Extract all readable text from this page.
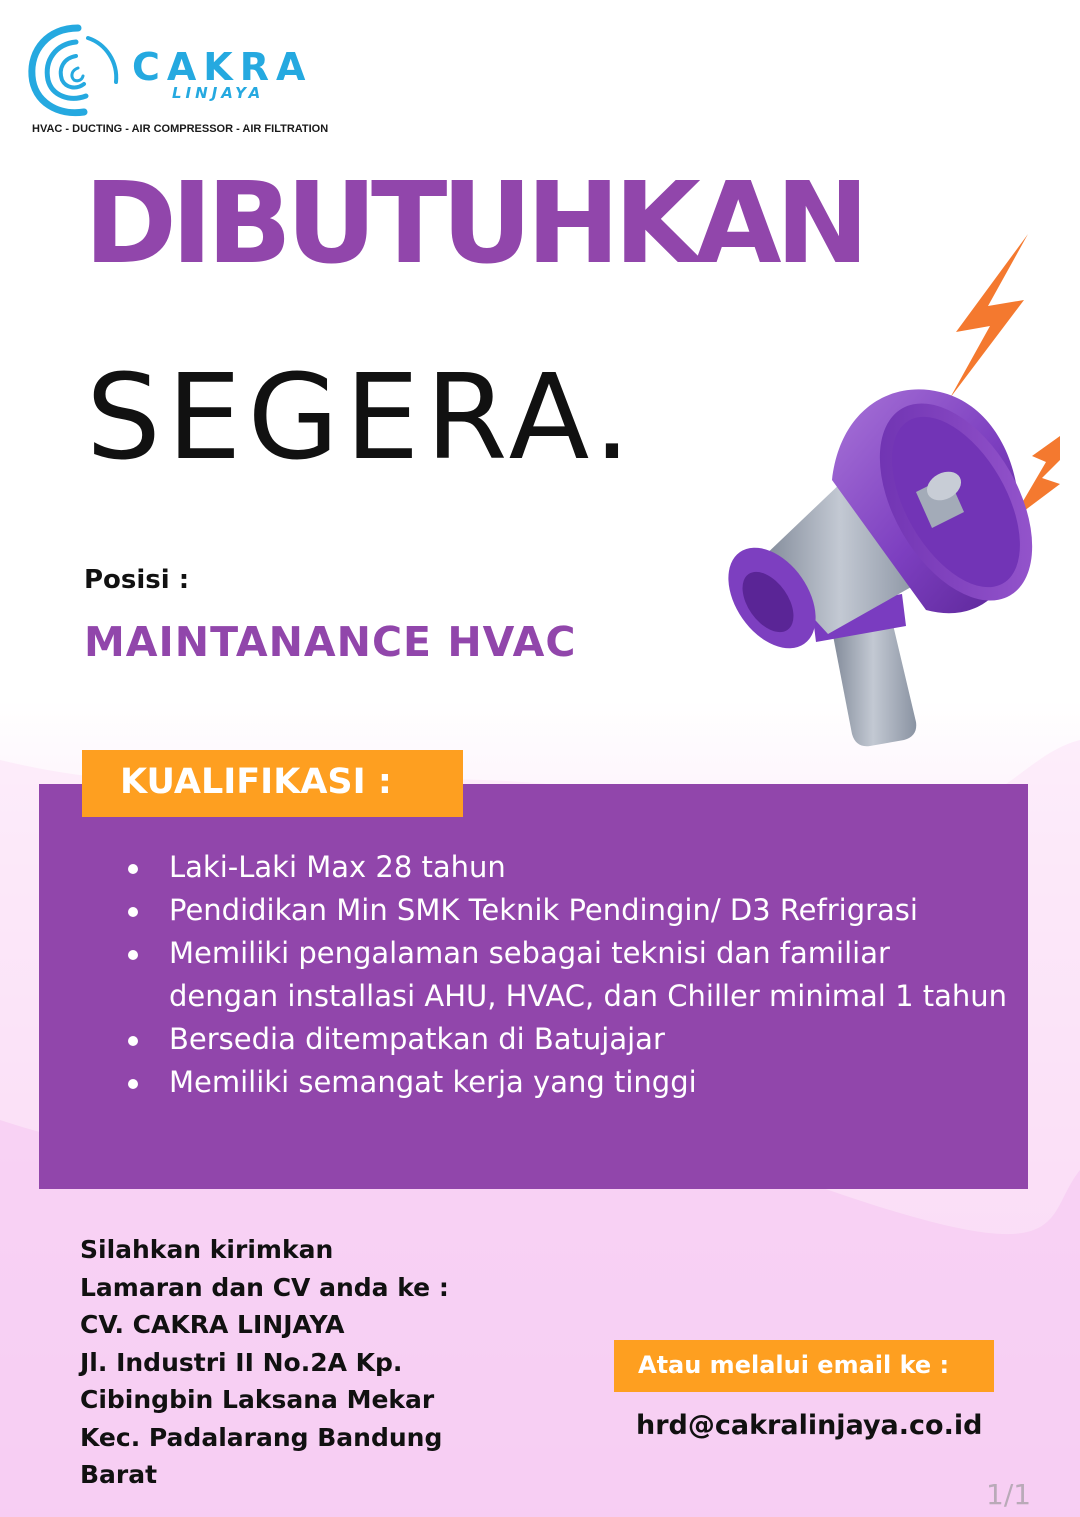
CAKRA
LINJAYA
HVAC - DUCTING - AIR COMPRESSOR - AIR FILTRATION
DIBUTUHKAN
SEGERA.
Posisi :
MAINTANANCE HVAC
KUALIFIKASI :
Laki-Laki Max 28 tahun
Pendidikan Min SMK Teknik Pendingin/ D3 Refrigrasi
Memiliki pengalaman sebagai teknisi dan familiar dengan installasi AHU, HVAC, dan Chiller minimal 1 tahun
Bersedia ditempatkan di Batujajar
Memiliki semangat kerja yang tinggi
Silahkan kirimkan
Lamaran dan CV anda ke :
CV. CAKRA LINJAYA
Jl. Industri II No.2A Kp.
Cibingbin Laksana Mekar
Kec. Padalarang Bandung
Barat
Atau melalui email ke :
hrd@cakralinjaya.co.id
1/1
